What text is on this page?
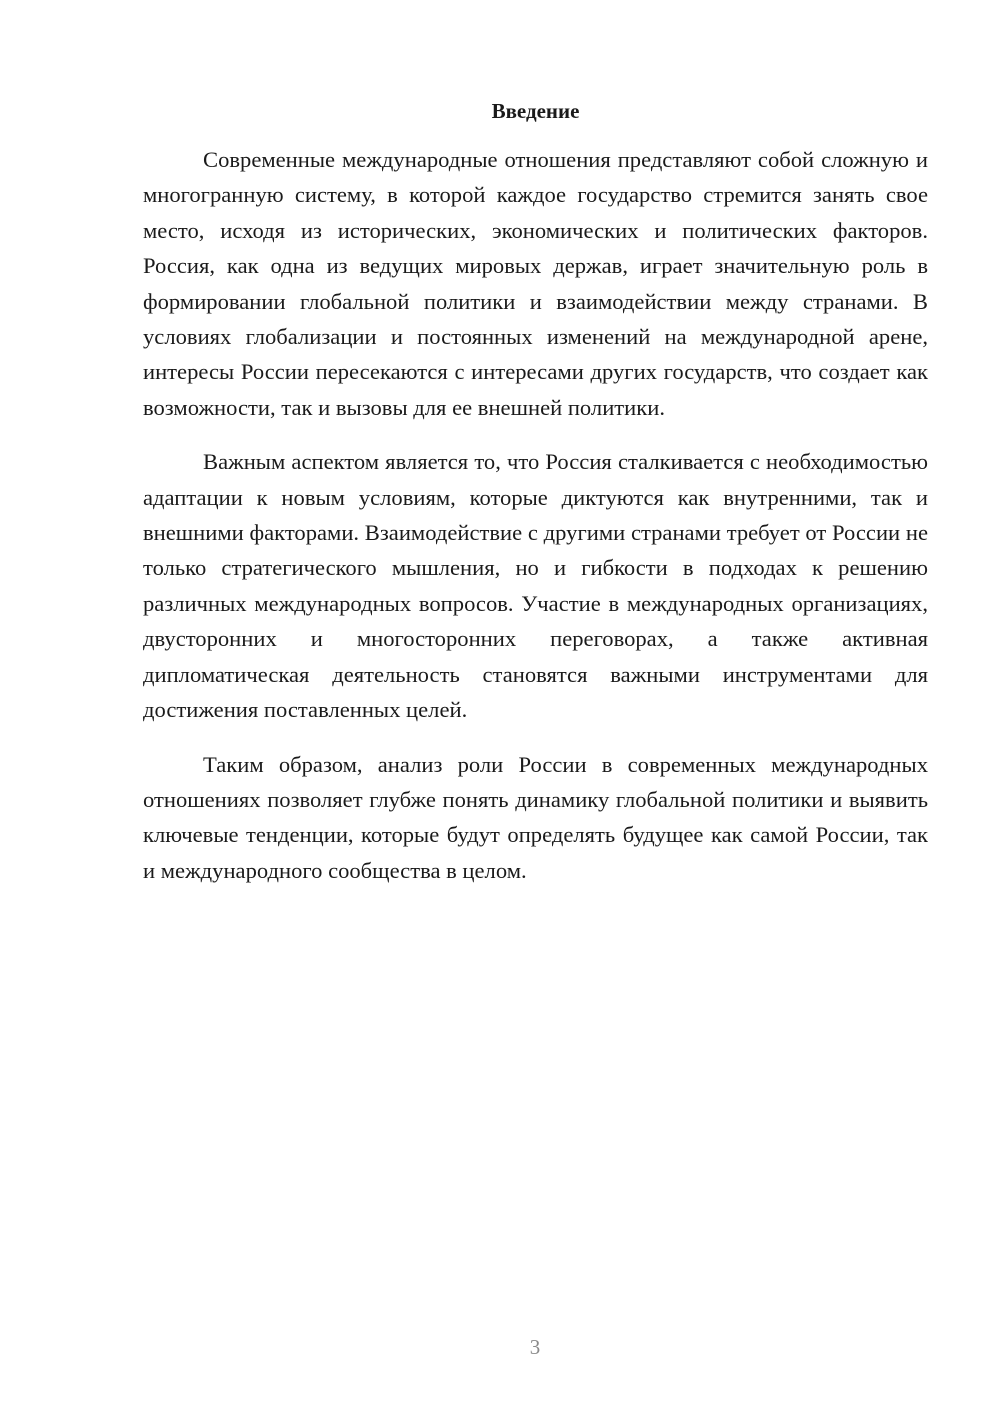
Введение

Современные международные отношения представляют собой сложную и многогранную систему, в которой каждое государство стремится занять свое место, исходя из исторических, экономических и политических факторов. Россия, как одна из ведущих мировых держав, играет значительную роль в формировании глобальной политики и взаимодействии между странами. В условиях глобализации и постоянных изменений на международной арене, интересы России пересекаются с интересами других государств, что создает как возможности, так и вызовы для ее внешней политики.

Важным аспектом является то, что Россия сталкивается с необходимостью адаптации к новым условиям, которые диктуются как внутренними, так и внешними факторами. Взаимодействие с другими странами требует от России не только стратегического мышления, но и гибкости в подходах к решению различных международных вопросов. Участие в международных организациях, двусторонних и многосторонних переговорах, а также активная дипломатическая деятельность становятся важными инструментами для достижения поставленных целей.

Таким образом, анализ роли России в современных международных отношениях позволяет глубже понять динамику глобальной политики и выявить ключевые тенденции, которые будут определять будущее как самой России, так и международного сообщества в целом.

3
